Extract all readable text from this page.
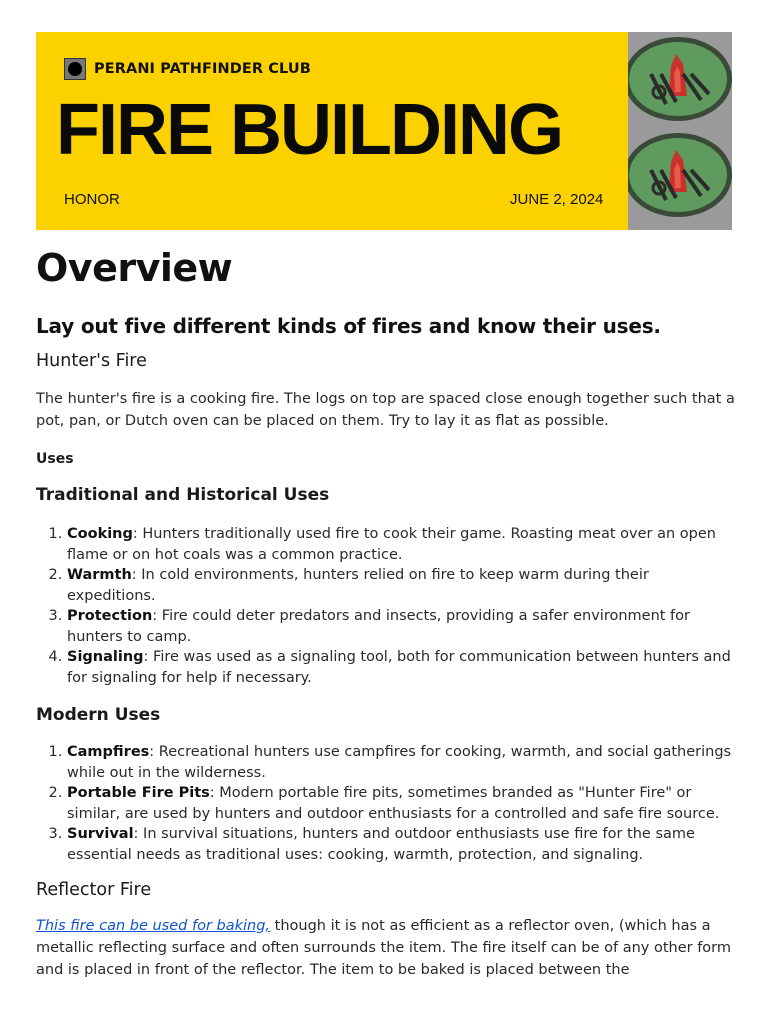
PERANI PATHFINDER CLUB
FIRE BUILDING
HONOR	JUNE 2, 2024
Overview
Lay out five different kinds of fires and know their uses.
Hunter's Fire

The hunter's fire is a cooking fire. The logs on top are spaced close enough together such that a pot, pan, or Dutch oven can be placed on them. Try to lay it as flat as possible.

Uses
Traditional and Historical Uses
1. Cooking: Hunters traditionally used fire to cook their game. Roasting meat over an open flame or on hot coals was a common practice.
2. Warmth: In cold environments, hunters relied on fire to keep warm during their expeditions.
3. Protection: Fire could deter predators and insects, providing a safer environment for hunters to camp.
4. Signaling: Fire was used as a signaling tool, both for communication between hunters and for signaling for help if necessary.
Modern Uses
1. Campfires: Recreational hunters use campfires for cooking, warmth, and social gatherings while out in the wilderness.
2. Portable Fire Pits: Modern portable fire pits, sometimes branded as "Hunter Fire" or similar, are used by hunters and outdoor enthusiasts for a controlled and safe fire source.
3. Survival: In survival situations, hunters and outdoor enthusiasts use fire for the same essential needs as traditional uses: cooking, warmth, protection, and signaling.
Reflector Fire

This fire can be used for baking, though it is not as efficient as a reflector oven, (which has a metallic reflecting surface and often surrounds the item. The fire itself can be of any other form and is placed in front of the reflector. The item to be baked is placed between the
